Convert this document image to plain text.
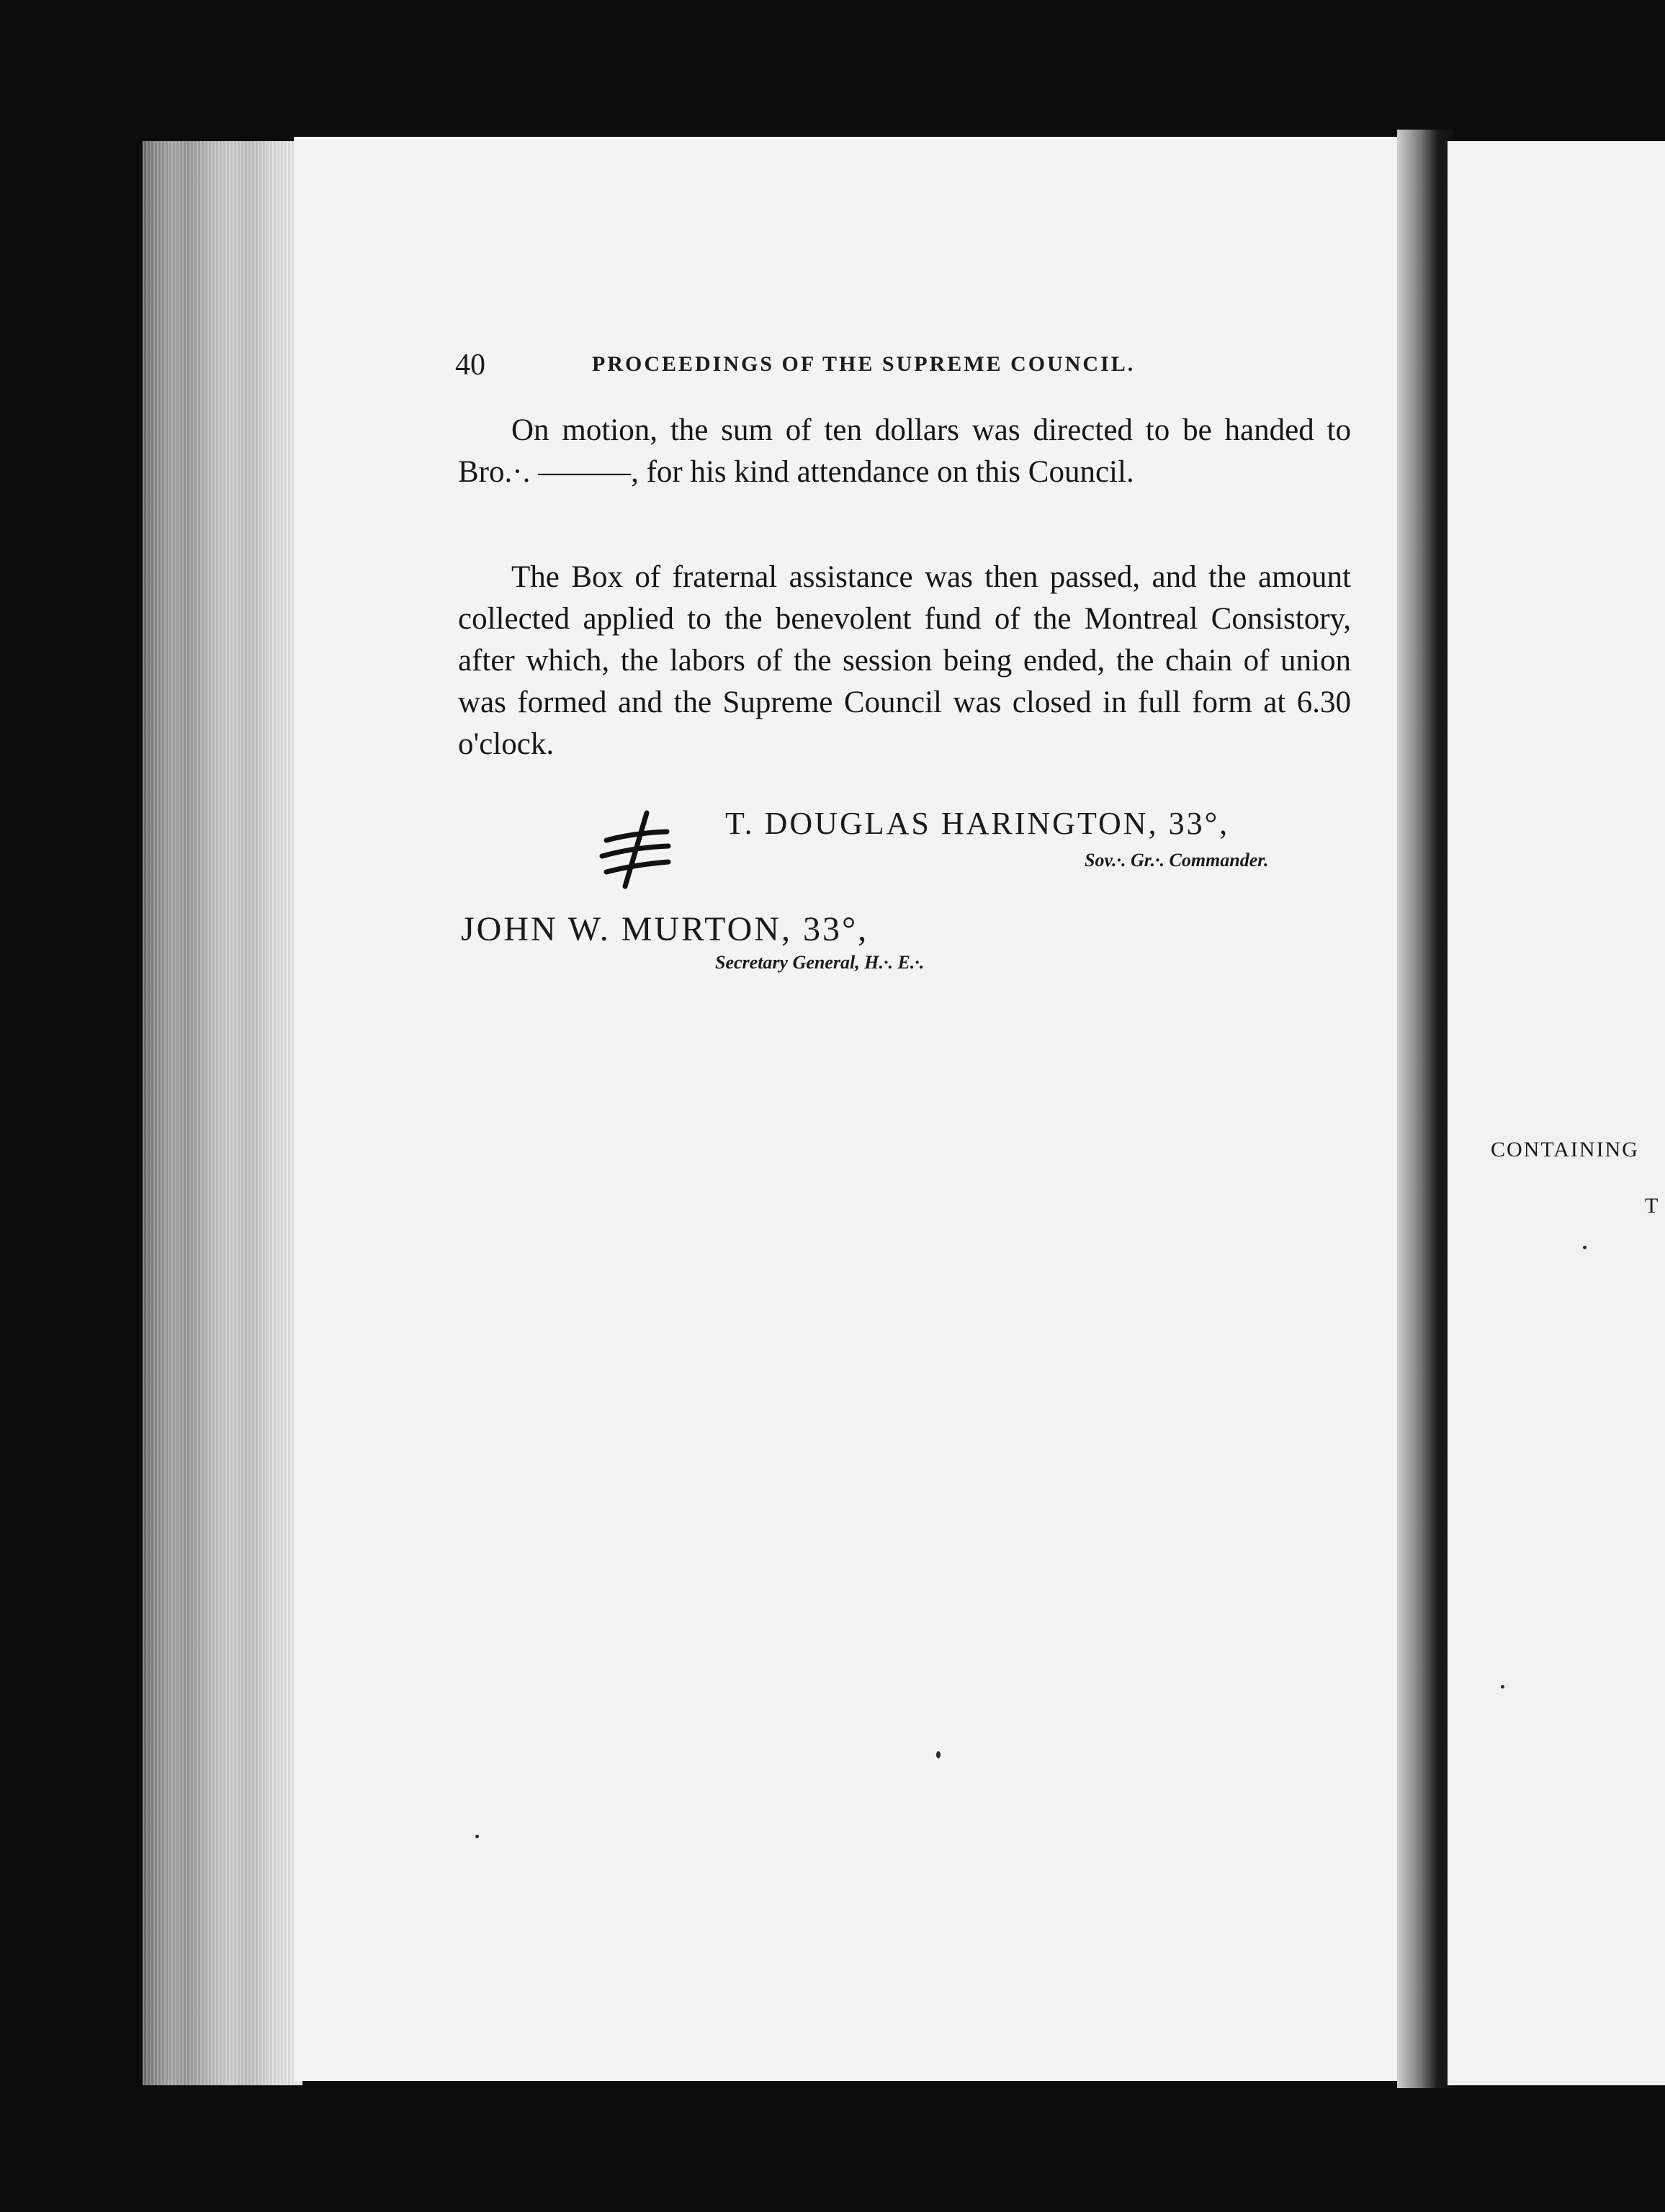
40	PROCEEDINGS OF THE SUPREME COUNCIL.

On motion, the sum of ten dollars was directed to be handed to Bro.·. ———, for his kind attendance on this Council.

The Box of fraternal assistance was then passed, and the amount collected applied to the benevolent fund of the Montreal Consistory, after which, the labors of the session being ended, the chain of union was formed and the Supreme Council was closed in full form at 6.30 o'clock.

T. DOUGLAS HARINGTON, 33°,
Sov.·. Gr.·. Commander.
JOHN W. MURTON, 33°,
Secretary General, H.·. E.·.
CONTAINING
T
